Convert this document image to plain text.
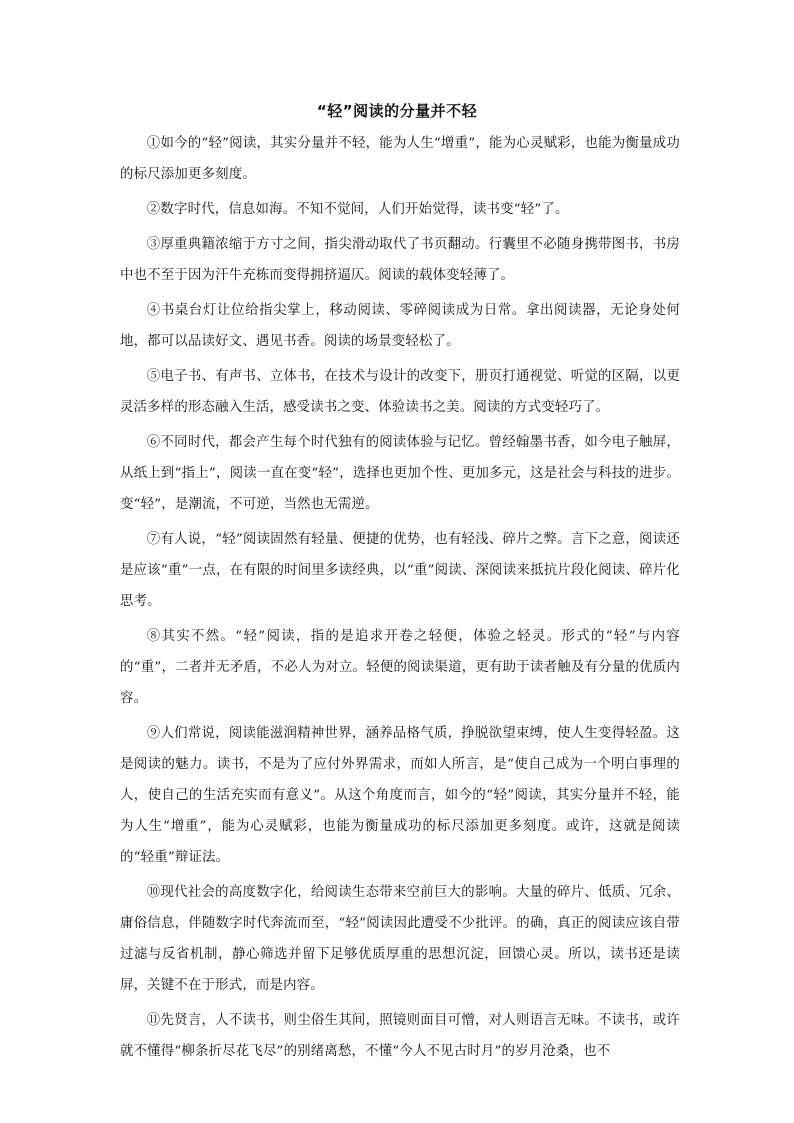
“轻”阅读的分量并不轻

①如今的“轻”阅读，其实分量并不轻，能为人生“增重”，能为心灵赋彩，也能为衡量成功的标尺添加更多刻度。

②数字时代，信息如海。不知不觉间，人们开始觉得，读书变“轻”了。

③厚重典籍浓缩于方寸之间，指尖滑动取代了书页翻动。行囊里不必随身携带图书，书房中也不至于因为汗牛充栋而变得拥挤逼仄。阅读的载体变轻薄了。

④书桌台灯让位给指尖掌上，移动阅读、零碎阅读成为日常。拿出阅读器，无论身处何地，都可以品读好文、遇见书香。阅读的场景变轻松了。

⑤电子书、有声书、立体书，在技术与设计的改变下，册页打通视觉、听觉的区隔，以更灵活多样的形态融入生活，感受读书之变、体验读书之美。阅读的方式变轻巧了。

⑥不同时代，都会产生每个时代独有的阅读体验与记忆。曾经翰墨书香，如今电子触屏，从纸上到“指上”，阅读一直在变“轻”，选择也更加个性、更加多元，这是社会与科技的进步。变“轻”，是潮流，不可逆，当然也无需逆。

⑦有人说，“轻”阅读固然有轻量、便捷的优势，也有轻浅、碎片之弊。言下之意，阅读还是应该“重”一点，在有限的时间里多读经典，以“重”阅读、深阅读来抵抗片段化阅读、碎片化思考。

⑧其实不然。“轻”阅读，指的是追求开卷之轻便，体验之轻灵。形式的“轻”与内容的“重”，二者并无矛盾，不必人为对立。轻便的阅读渠道，更有助于读者触及有分量的优质内容。

⑨人们常说，阅读能滋润精神世界，涵养品格气质，挣脱欲望束缚，使人生变得轻盈。这是阅读的魅力。读书，不是为了应付外界需求，而如人所言，是“使自己成为一个明白事理的人，使自己的生活充实而有意义”。从这个角度而言，如今的“轻”阅读，其实分量并不轻，能为人生“增重”，能为心灵赋彩，也能为衡量成功的标尺添加更多刻度。或许，这就是阅读的“轻重”辩证法。

⑩现代社会的高度数字化，给阅读生态带来空前巨大的影响。大量的碎片、低质、冗余、庸俗信息，伴随数字时代奔流而至，“轻”阅读因此遭受不少批评。的确，真正的阅读应该自带过滤与反省机制，静心筛选并留下足够优质厚重的思想沉淀，回馈心灵。所以，读书还是读屏，关键不在于形式，而是内容。

⑪先贤言，人不读书，则尘俗生其间，照镜则面目可憎，对人则语言无味。不读书，或许就不懂得“柳条折尽花飞尽”的别绪离愁，不懂“今人不见古时月”的岁月沧桑，也不
